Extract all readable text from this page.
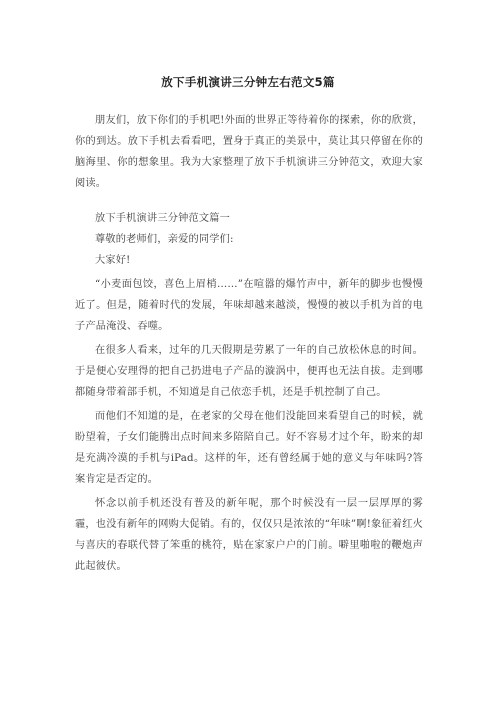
放下手机演讲三分钟左右范文5篇

朋友们，放下你们的手机吧!外面的世界正等待着你的探索，你的欣赏，你的到达。放下手机去看看吧，置身于真正的美景中，莫让其只停留在你的脑海里、你的想象里。我为大家整理了放下手机演讲三分钟范文，欢迎大家阅读。

放下手机演讲三分钟范文篇一

尊敬的老师们，亲爱的同学们:

大家好!

“小麦面包饺，喜色上眉梢……”在喧嚣的爆竹声中，新年的脚步也慢慢近了。但是，随着时代的发展，年味却越来越淡，慢慢的被以手机为首的电子产品淹没、吞噬。

在很多人看来，过年的几天假期是劳累了一年的自己放松休息的时间。于是便心安理得的把自己扔进电子产品的漩涡中，便再也无法自拔。走到哪都随身带着部手机，不知道是自己依恋手机，还是手机控制了自己。

而他们不知道的是，在老家的父母在他们没能回来看望自己的时候，就盼望着，子女们能腾出点时间来多陪陪自己。好不容易才过个年，盼来的却是充满冷漠的手机与iPad。这样的年，还有曾经属于她的意义与年味吗?答案肯定是否定的。

怀念以前手机还没有普及的新年呢，那个时候没有一层一层厚厚的雾霾，也没有新年的网购大促销。有的，仅仅只是浓浓的“年味”啊!象征着红火与喜庆的春联代替了笨重的桃符，贴在家家户户的门前。噼里啪啦的鞭炮声此起彼伏。
